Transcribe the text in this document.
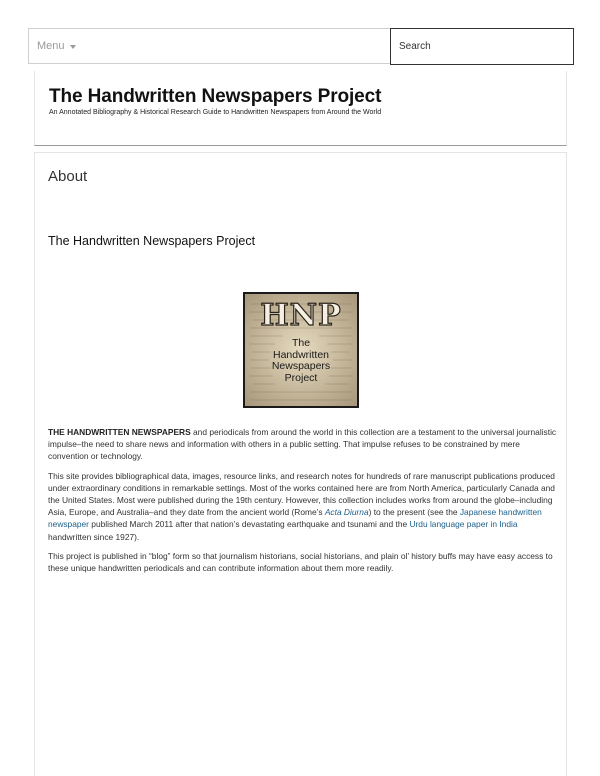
Menu
Search
The Handwritten Newspapers Project

An Annotated Bibliography & Historical Research Guide to Handwritten Newspapers from Around the World

About
The Handwritten Newspapers Project
HNP
The
Handwritten
Newspapers
Project

THE HANDWRITTEN NEWSPAPERS and periodicals from around the world in this collection are a testament to the universal journalistic impulse–the need to share news and information with others in a public setting. That impulse refuses to be constrained by mere convention or technology.

This site provides bibliographical data, images, resource links, and research notes for hundreds of rare manuscript publications produced under extraordinary conditions in remarkable settings. Most of the works contained here are from North America, particularly Canada and the United States. Most were published during the 19th century. However, this collection includes works from around the globe–including Asia, Europe, and Australia–and they date from the ancient world (Rome’s Acta Diurna) to the present (see the Japanese handwritten newspaper published March 2011 after that nation’s devastating earthquake and tsunami and the Urdu language paper in India handwritten since 1927).

This project is published in “blog” form so that journalism historians, social historians, and plain ol’ history buffs may have easy access to these unique handwritten periodicals and can contribute information about them more readily.
